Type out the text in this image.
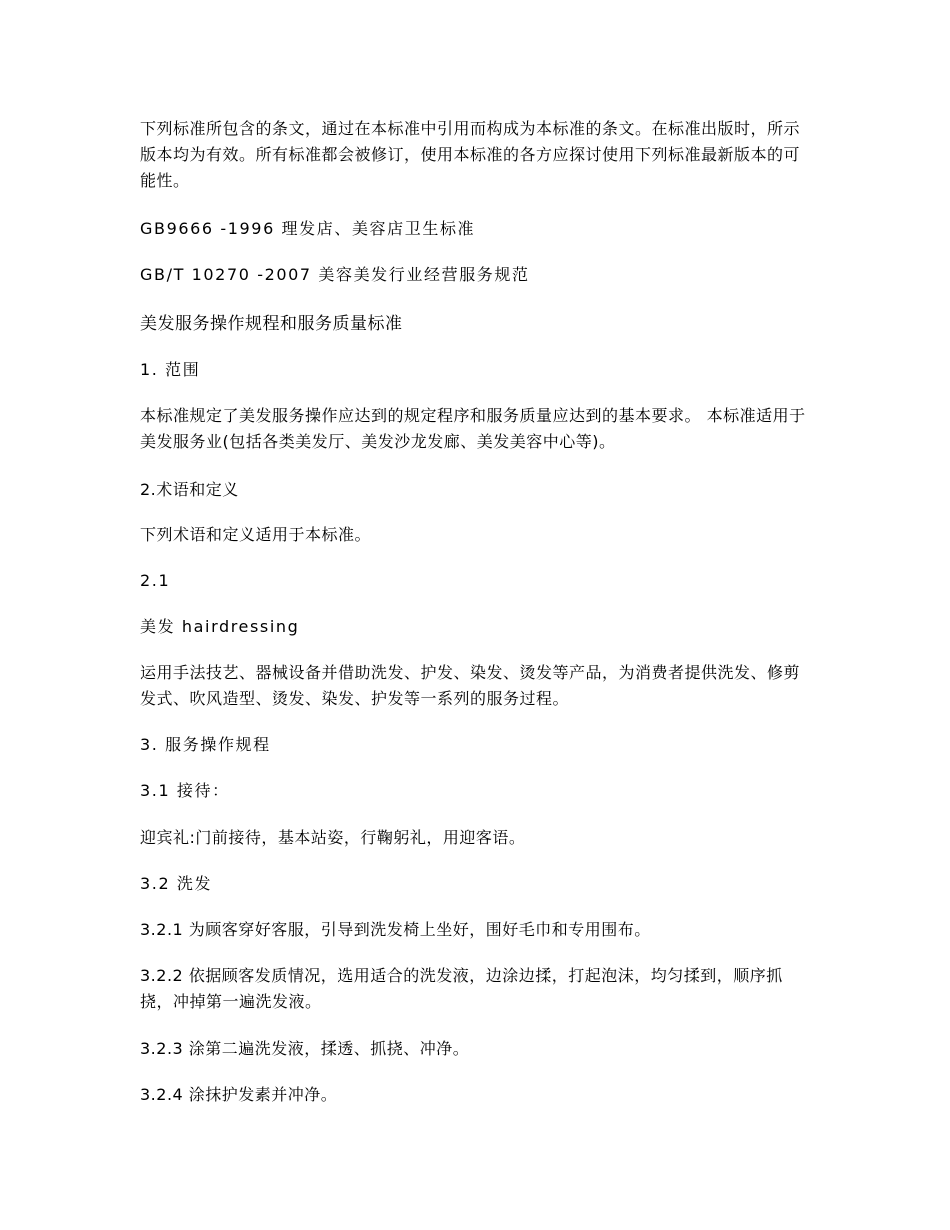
下列标准所包含的条文，通过在本标准中引用而构成为本标准的条文。在标准出版时，所示版本均为有效。所有标准都会被修订，使用本标准的各方应探讨使用下列标准最新版本的可能性。

GB9666 -1996 理发店、美容店卫生标准

GB/T 10270 -2007 美容美发行业经营服务规范

美发服务操作规程和服务质量标准

1. 范围

本标准规定了美发服务操作应达到的规定程序和服务质量应达到的基本要求。 本标准适用于美发服务业(包括各类美发厅、美发沙龙发廊、美发美容中心等)。

2.术语和定义

下列术语和定义适用于本标准。

2.1

美发 hairdressing

运用手法技艺、器械设备并借助洗发、护发、染发、烫发等产品，为消费者提供洗发、修剪发式、吹风造型、烫发、染发、护发等一系列的服务过程。

3. 服务操作规程

3.1 接待：

迎宾礼:门前接待，基本站姿，行鞠躬礼，用迎客语。

3.2 洗发

3.2.1 为顾客穿好客服，引导到洗发椅上坐好，围好毛巾和专用围布。

3.2.2 依据顾客发质情况，选用适合的洗发液，边涂边揉，打起泡沫，均匀揉到，顺序抓挠，冲掉第一遍洗发液。

3.2.3 涂第二遍洗发液，揉透、抓挠、冲净。

3.2.4 涂抹护发素并冲净。
